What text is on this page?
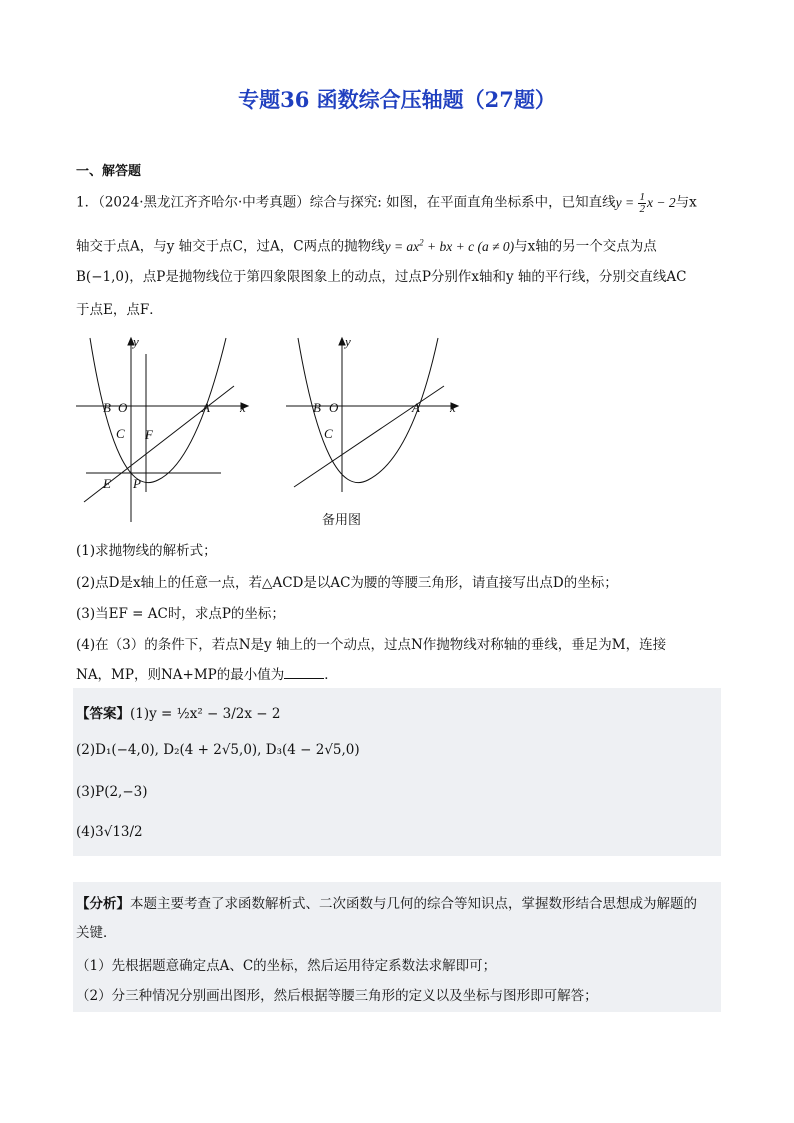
专题36 函数综合压轴题（27题）
一、解答题
1．（2024·黑龙江齐齐哈尔·中考真题）综合与探究: 如图，在平面直角坐标系中，已知直线$y = \frac{1}{2}$ x − 2与x
轴交于点A，与y 轴交于点C，过A，C两点的抛物线$y = ax^2$ + bx + c (a ≠ 0)与x轴的另一个交点为点
B(−1,0)，点P是抛物线位于第四象限图象上的动点，过点P分别作x轴和y 轴的平行线，分别交直线AC
于点E，点F．
y
x
B O	A
C F
E P
y
x
B O	A
C
备用图
(1)求抛物线的解析式；
(2)点D是x轴上的任意一点，若△ACD是以AC为腰的等腰三角形，请直接写出点D的坐标；
(3)当EF = AC时，求点P的坐标；
(4)在（3）的条件下，若点N是y 轴上的一个动点，过点N作抛物线对称轴的垂线，垂足为M，连接
NA，MP，则NA+MP的最小值为	．
【答案】(1)y = ½x² − 3/2x − 2
(2)D₁(−4,0), D₂(4 + 2√5,0), D₃(4 − 2√5,0)
(3)P(2,−3)
(4)3√13/2
【分析】本题主要考查了求函数解析式、二次函数与几何的综合等知识点，掌握数形结合思想成为解题的
关键．
（1）先根据题意确定点A、C的坐标，然后运用待定系数法求解即可；
（2）分三种情况分别画出图形，然后根据等腰三角形的定义以及坐标与图形即可解答；
